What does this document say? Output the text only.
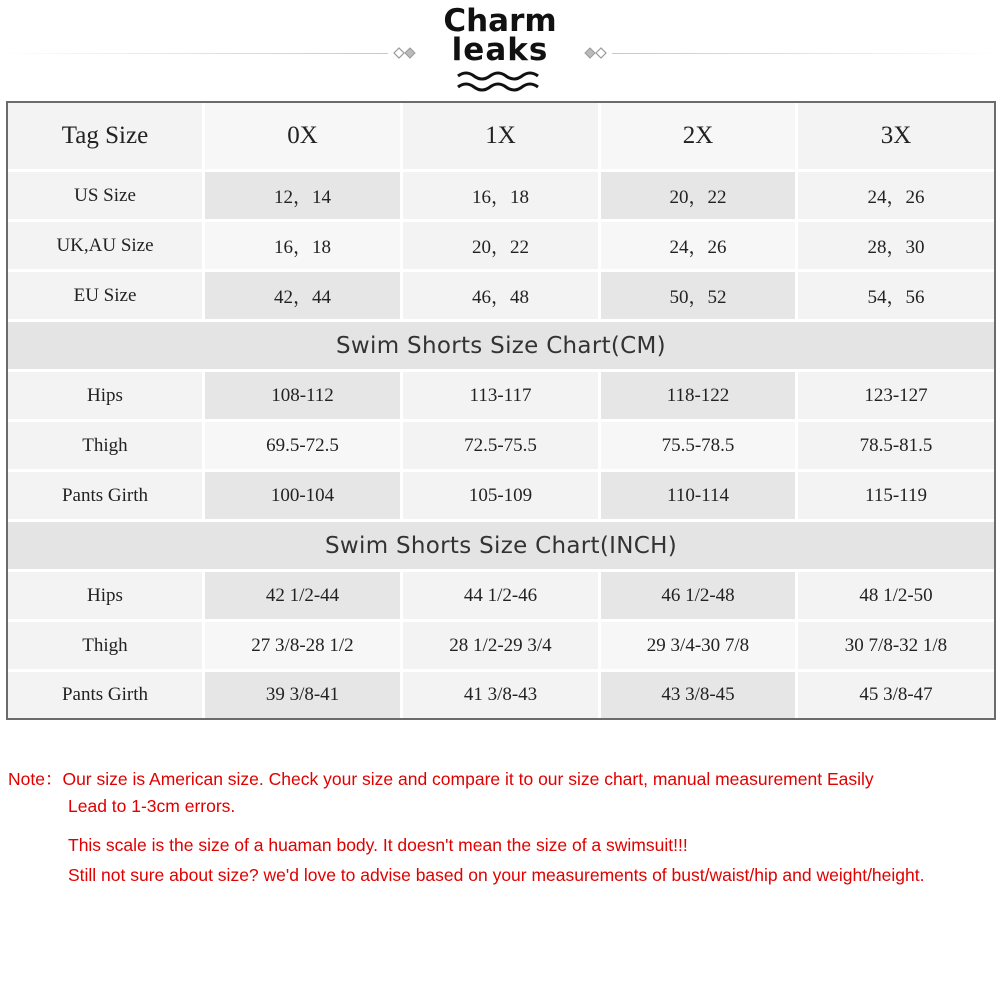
Charm
leaks
Tag Size	0X	1X	2X	3X
US Size	12，14	16，18	20，22	24，26
UK,AU Size	16，18	20，22	24，26	28，30
EU Size	42，44	46，48	50，52	54，56
Swim Shorts Size Chart(CM)
Hips	108-112	113-117	118-122	123-127
Thigh	69.5-72.5	72.5-75.5	75.5-78.5	78.5-81.5
Pants Girth	100-104	105-109	110-114	115-119
Swim Shorts Size Chart(INCH)
Hips	42 1/2-44	44 1/2-46	46 1/2-48	48 1/2-50
Thigh	27 3/8-28 1/2	28 1/2-29 3/4	29 3/4-30 7/8	30 7/8-32 1/8
Pants Girth	39 3/8-41	41 3/8-43	43 3/8-45	45 3/8-47
Note：Our size is American size. Check your size and compare it to our size chart, manual measurement Easily
Lead to 1-3cm errors.
This scale is the size of a huaman body. It doesn't mean the size of a swimsuit!!!
Still not sure about size? we'd love to advise based on your measurements of bust/waist/hip and weight/height.
